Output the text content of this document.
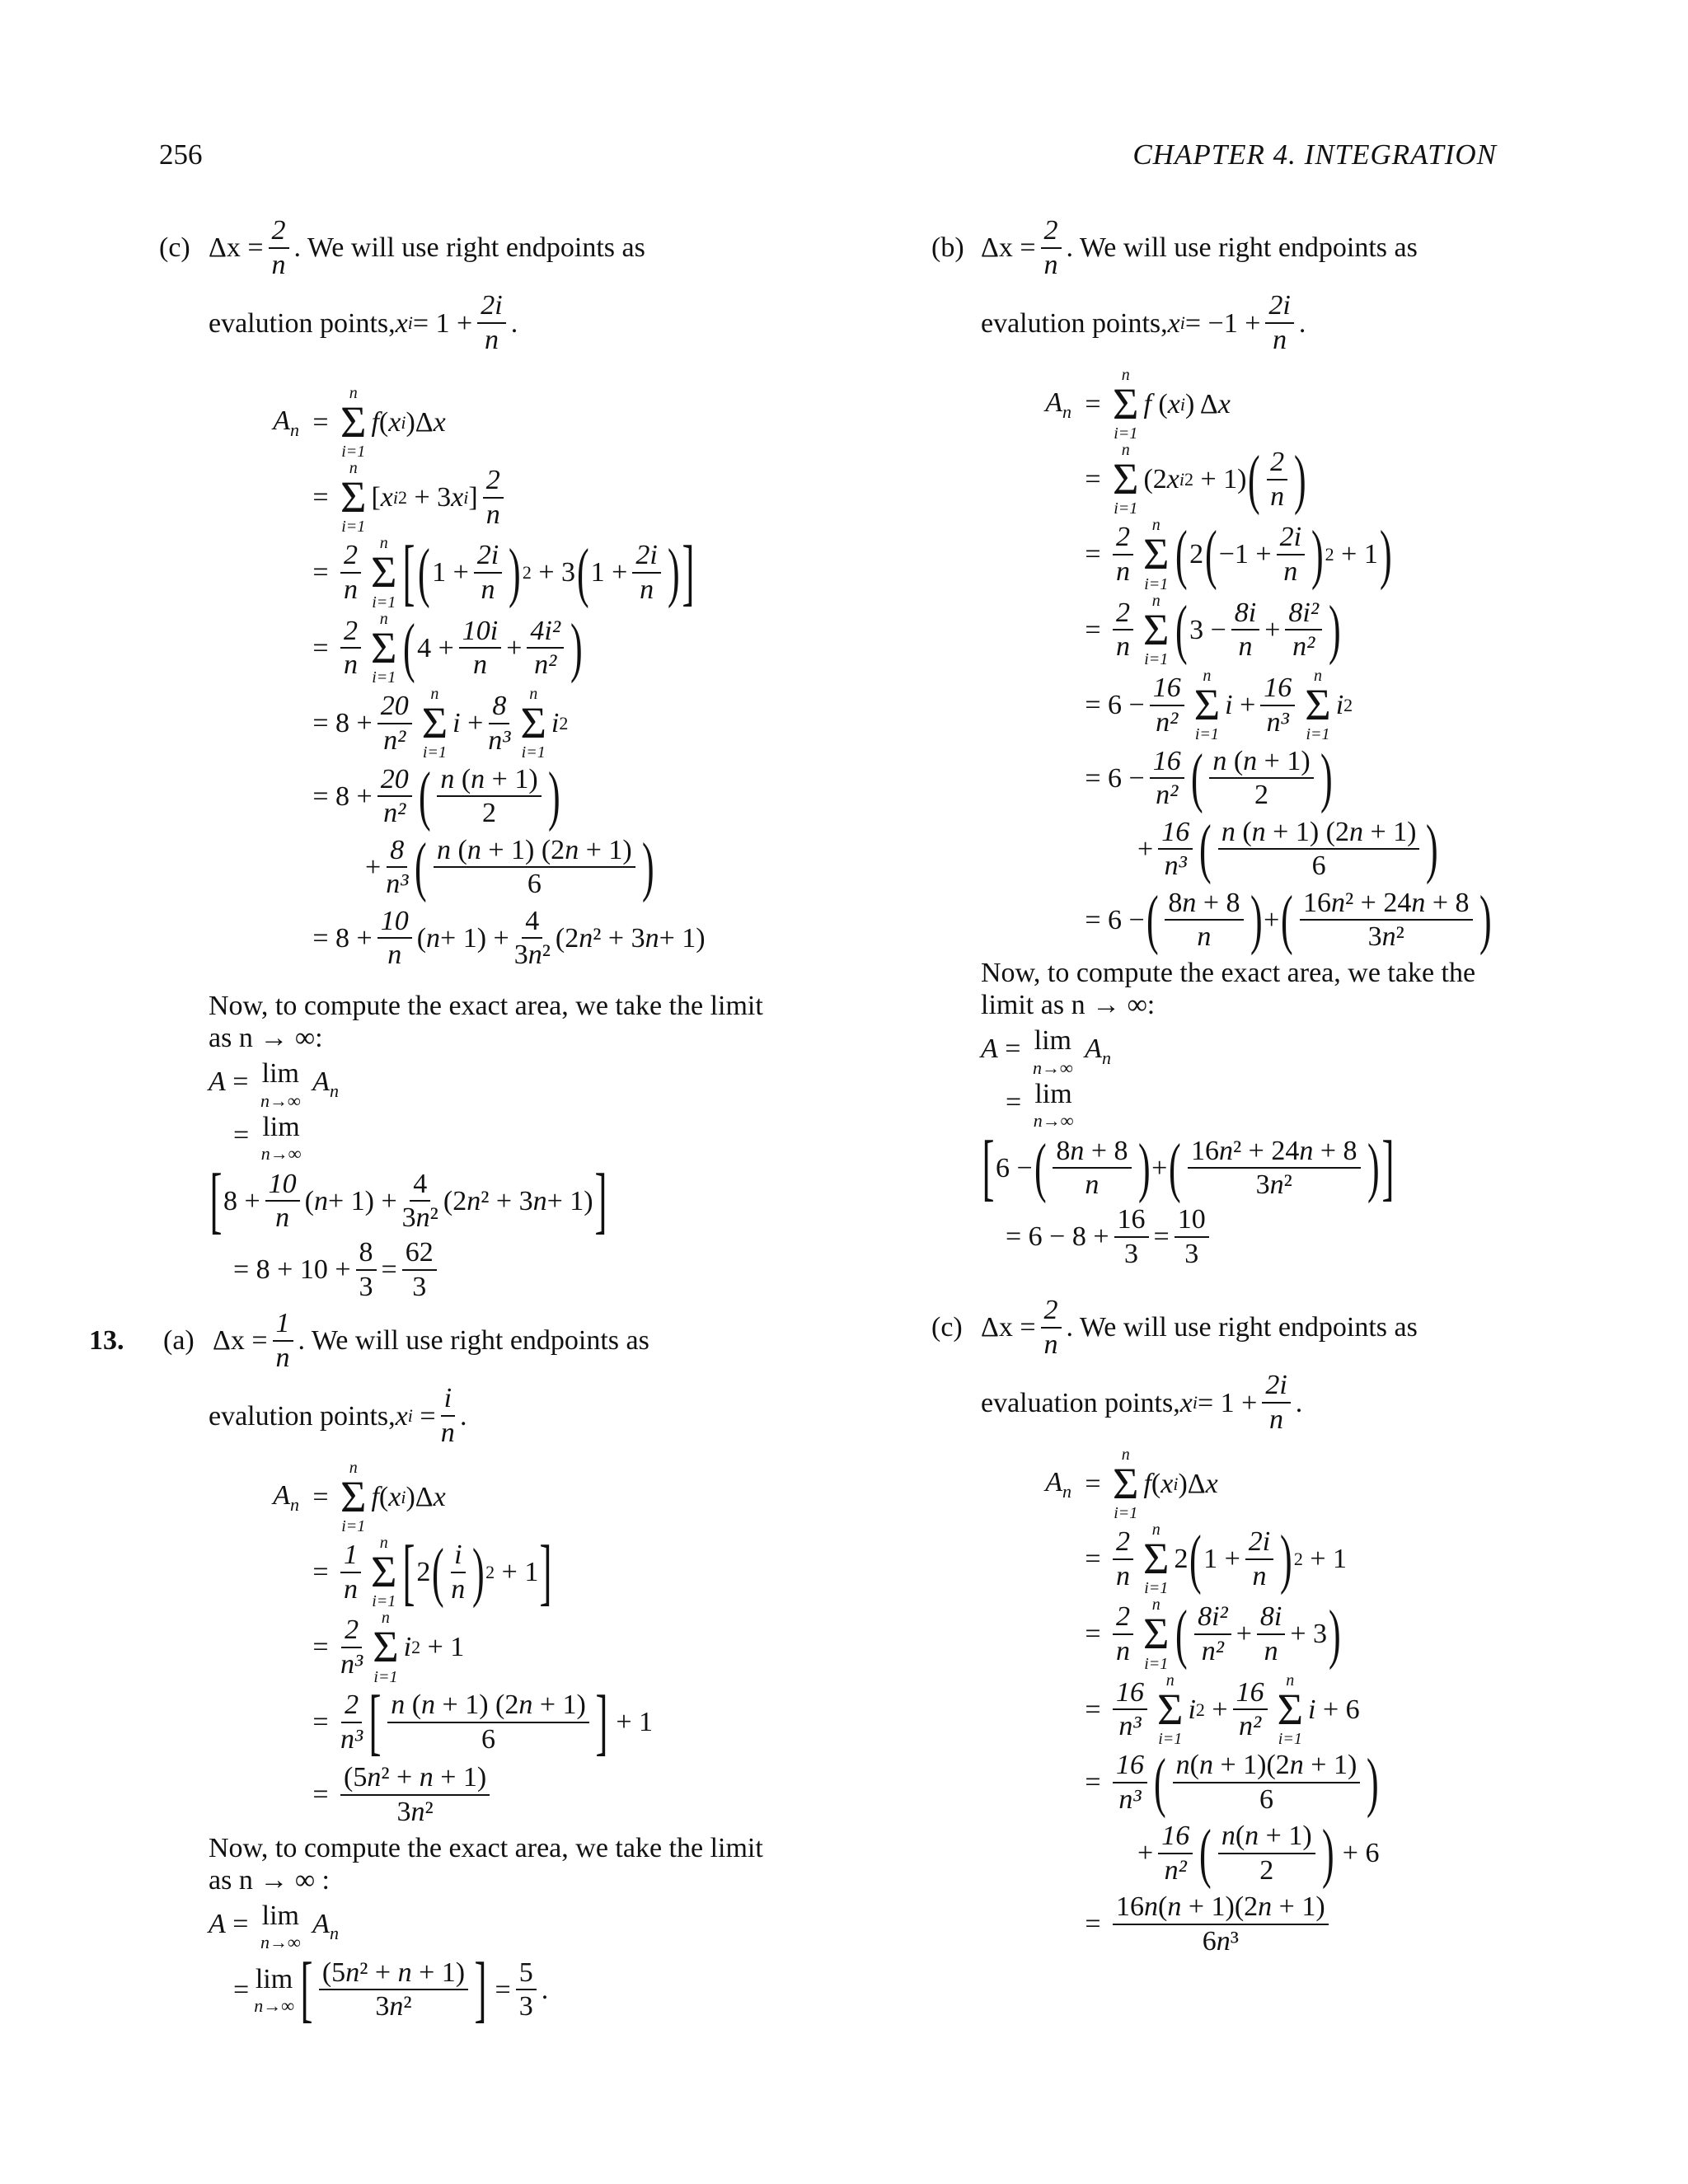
256	CHAPTER 4. INTEGRATION
(c) $\Delta x = \frac{2}{n}$ . We will use right endpoints as
evalution points, x $i = 1 + \frac{2i}{n}$ .
$A_n$ =
n
Σ
i=1
f ( x i )Δ x
=
n
Σ
i=1
[ x i 2 + 3 x i ] $\frac{2}{n}$
= $\frac{2}{n}$ n
Σ
i=1 [ ( $1 + \frac{2i}{n}$ ) 2 + 3 ( $1 + \frac{2i}{n}$ ) ]
= $\frac{2}{n}$ n
Σ
i=1 ( $4 + \frac{10i}{n} + \frac{\text{4i²}}{\text{n²}}$ )
= $8 + \frac{20}{\text{n²}}$ n
Σ
i=1
$i + \frac{8}{\text{n³}}$ n
Σ
i=1
i 2
= $8 + \frac{20}{\text{n²}}$ ( $\frac{n (n + 1)}{2}$ )

+ $\frac{8}{\text{n³}}$ ( $\frac{n (n + 1) (2n + 1)}{6}$ )
= $8 + \frac{10}{n}$ ( $n + 1) + \frac{4}{\text{3n²}} (2$ n ² + 3 n + 1)
Now, to compute the exact area, we take the limit as n → ∞:
A = lim
n→∞
$A_n$
= lim
n→∞
[ $8 + \frac{10}{n}$ ( $n + 1) + \frac{4}{\text{3n²}} (2$ n ² + 3 n + 1) ]
= $8 + 10 + \frac{8}{3} = \frac{62}{3}$
13.	(a) $\Delta x = \frac{1}{n}$ . We will use right endpoints as
evalution points, x $i = \frac{i}{n}$ .
$A_n$ =
n
Σ
i=1
f ( x i )Δ x
= $\frac{1}{n}$ n
Σ
i=1 [ 2 ( $\frac{i}{n}$ ) 2 + 1 ]
= $\frac{2}{\text{n³}}$ n
Σ
i=1
i 2 + 1
= $\frac{2}{\text{n³}}$ [ $\frac{n (n + 1) (2n + 1)}{6}$ ] + 1
= $\frac{\text{(5n² + n + 1)}}{\text{3n²}}$
Now, to compute the exact area, we take the limit as n → ∞ :
A = lim
n→∞
$A_n$
= lim
n→∞ [ $\frac{\text{(5n² + n + 1)}}{\text{3n²}}$ ] = $\frac{5}{3}$ .
(b) $\Delta x = \frac{2}{n}$ . We will use right endpoints as
evalution points, x $i = -1 + \frac{2i}{n}$ .
$A_n$ =
n
Σ
i=1
f ( x i ) Δ x
=
n
Σ
i=1
(2 x i 2 + 1) ( $\frac{2}{n}$ )
= $\frac{2}{n}$ n
Σ
i=1 ( 2 ( $-1 + \frac{2i}{n}$ ) 2 + 1 )
= $\frac{2}{n}$ n
Σ
i=1 ( $3 - \frac{8i}{n} + \frac{\text{8i²}}{\text{n²}}$ )
= $6 - \frac{16}{\text{n²}}$ n
Σ
i=1
$i + \frac{16}{\text{n³}}$ n
Σ
i=1
i 2
= $6 - \frac{16}{\text{n²}}$ ( $\frac{n (n + 1)}{2}$ )

+ $\frac{16}{\text{n³}}$ ( $\frac{n (n + 1) (2n + 1)}{6}$ )
= 6 − ( $\frac{8n + 8}{n}$ ) + ( $\frac{\text{16n² + 24n + 8}}{\text{3n²}}$ )
Now, to compute the exact area, we take the limit as n → ∞:
A = lim
n→∞
$A_n$
= lim
n→∞
[ 6 − ( $\frac{8n + 8}{n}$ ) + ( $\frac{\text{16n² + 24n + 8}}{\text{3n²}}$ ) ]
= $6 - 8 + \frac{16}{3} = \frac{10}{3}$
(c) $\Delta x = \frac{2}{n}$ . We will use right endpoints as
evaluation points, x $i = 1 + \frac{2i}{n}$ .
$A_n$ =
n
Σ
i=1
f ( x i )Δ x
= $\frac{2}{n}$ n
Σ
i=1
2 ( $1 + \frac{2i}{n}$ ) 2 + 1
= $\frac{2}{n}$ n
Σ
i=1 ( $\frac{\text{8i²}}{\text{n²}} + \frac{8i}{n} + 3$ )
= $\frac{16}{\text{n³}}$ n
Σ
i=1
i $2 + \frac{16}{\text{n²}}$ n
Σ
i=1
i + 6
= $\frac{16}{\text{n³}}$ ( $\frac{n(n + 1)(2n + 1)}{6}$ )

+ $\frac{16}{\text{n²}}$ ( $\frac{n(n + 1)}{2}$ ) + 6
= $\frac{16n(n + 1)(2n + 1)}{\text{6n³}}$
